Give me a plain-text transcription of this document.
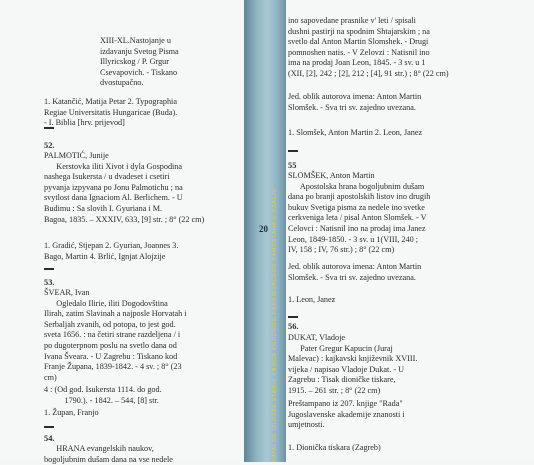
XIII-XL.Nastojanje u
izdavanju Svetog Pisma
Illyricskog / P. Grgur
Csevapovich. - Tiskano
dvostupačno.
1. Katančić, Matija Petar 2. Typographia
Regiae Universitatis Hungaricae (Buda).
- I. Biblia [hrv. prijevod]
52.
PALMOTIĆ, Junije
Kerstovka iliti Xivot i dyla Gospodina
nashega Isukersta / u dvadeset i csetiri
pyvanja izpyvana po Jonu Palmotichu ; na
svytlost dana Ignaciom Al. Berlichem. - U
Budimu : Sa slovih I. Gyuriana i M.
Bagoa, 1835. – XXXIV, 633, [9] str. ; 8° (22 cm)
1. Gradić, Stjepan 2. Gyurian, Joannes 3.
Bago, Martin 4. Brlić, Ignjat Alojzije
53.
ŠVEAR, Ivan
Ogledalo Ilirie, iliti Dogodovština
Ilirah, zatim Slavinah a najposle Horvatah i
Serbaljah zvanih, od potopa, to jest god.
sveta 1656. : na četiri strane razdeljena / i
po dugoterpnom poslu na svetlo dana od
Ivana Šveara. - U Zagrebu : Tiskano kod
Franje Župana, 1839-1842. - 4 sv. ; 8° (23
cm)
4 : (Od god. Isukersta 1114. do god.
1790.). - 1842. – 544, [8] str.
1. Župan, Franjo
54.
HRANA evangelskih naukov,
bogoljubnim dušam dana na vse nedele
20 KATALOG IZLOŽBE STARIH KNJIGA KNJIŽNICE FRANJEVAČKOG SAMOSTANA U OZALJU
ino sapovedane prasnike v' leti / spisali
dushni pastirji na spodnim Shtajarskim ; na
svetlo dal Anton Martin Slomshek. - Drugi
pomnoshen natis. - V Zelovzi : Natisnil ino
ima na prodaj Joan Leon, 1845. - 3 sv. u 1
(XII, [2], 242 ; [2], 212 ; [4], 91 str.) ; 8° (22 cm)
Jed. oblik autorova imena: Anton Martin
Slomšek. - Sva tri sv. zajedno uvezana.
1. Slomšek, Anton Martin 2. Leon, Janez
55
SLOMŠEK, Anton Martin
Apostolska hrana bogoljubnim dušam
dana po branji apostolskih listov ino drugih
bukuv Svetiga pisma za nedele ino svetke
cerkveniga leta / pisal Anton Slomšek. - V
Celovci : Natisnil ino na prodaj ima Janez
Leon, 1849-1850. - 3 sv. u 1(VIII, 240 ;
IV, 158 ; IV, 76 str.) ; 8° (22 cm)
Jed. oblik autorova imena: Anton Martin
Slomšek. - Sva tri sv. zajedno uvezana.
1. Leon, Janez
56.
DUKAT, Vladoje
Pater Gregur Kapucin (Juraj
Malevac) : kajkavski književnik XVIII.
vijeka / napisao Vladoje Dukat. - U
Zagrebu : Tisak dioničke tiskare,
1915. – 261 str. ; 8° (22 cm)
Preštampano iz 207. knjige "Rada"
Jugoslavenske akademije znanosti i
umjetnosti.
1. Dionička tiskara (Zagreb)
